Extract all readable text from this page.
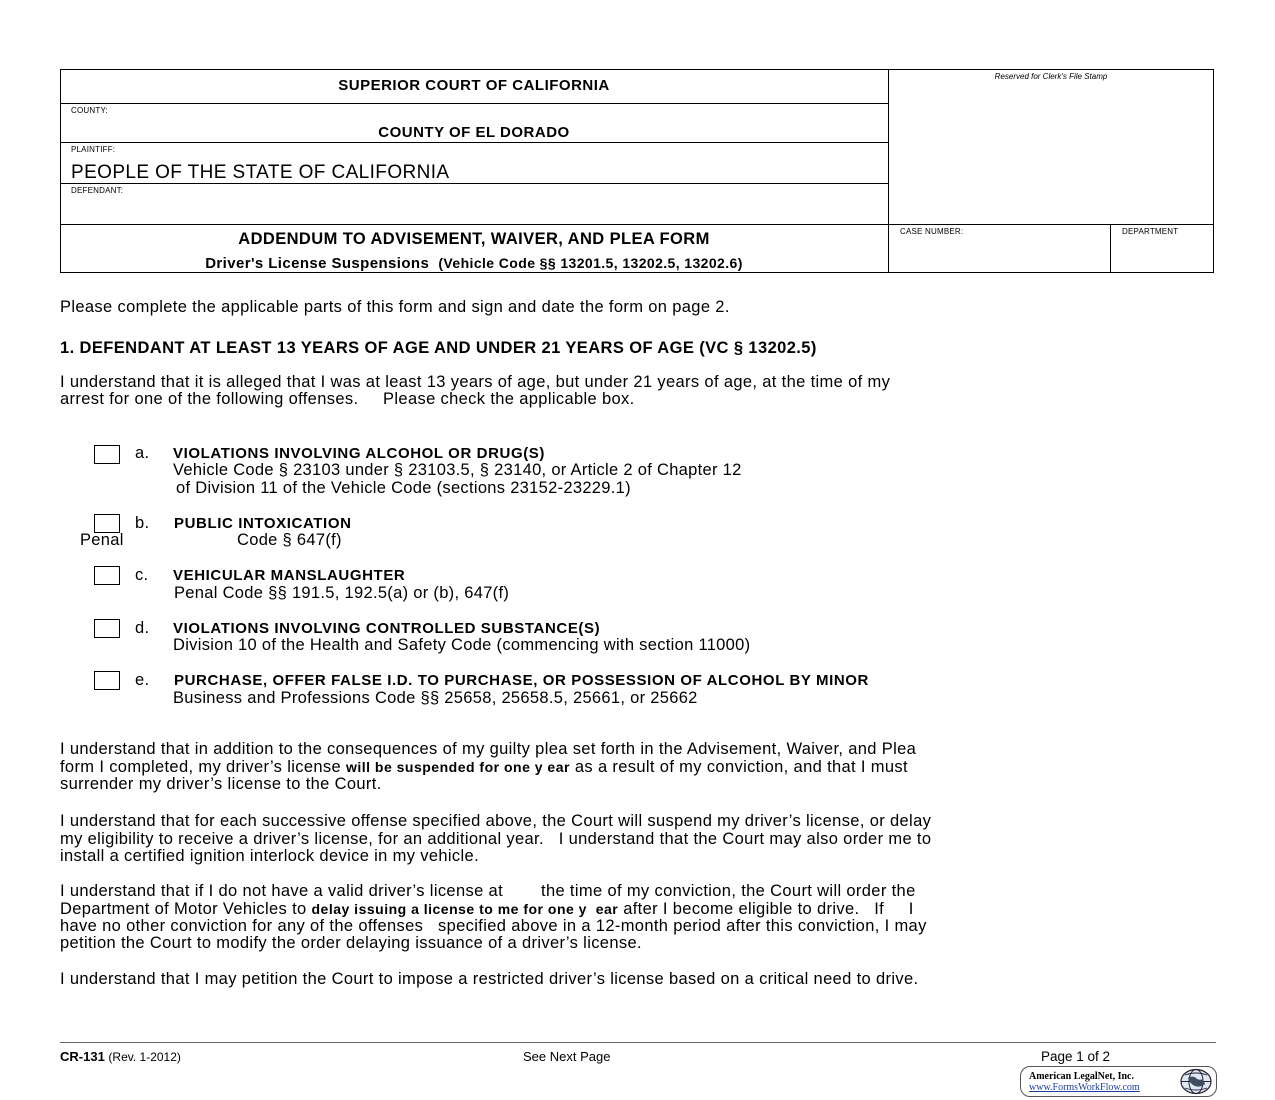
SUPERIOR COURT OF CALIFORNIA
COUNTY:
COUNTY OF EL DORADO
PLAINTIFF:
PEOPLE OF THE STATE OF CALIFORNIA
DEFENDANT:
Reserved for Clerk's File Stamp
ADDENDUM TO ADVISEMENT, WAIVER, AND PLEA FORM
Driver's License Suspensions (Vehicle Code §§ 13201.5, 13202.5, 13202.6)
CASE NUMBER:	DEPARTMENT
Please complete the applicable parts of this form and sign and date the form on page 2.
1. DEFENDANT AT LEAST 13 YEARS OF AGE AND UNDER 21 YEARS OF AGE (VC § 13202.5)
I understand that it is alleged that I was at least 13 years of age, but under 21 years of age, at the time of my
arrest for one of the following offenses.     Please check the applicable box.
a. VIOLATIONS INVOLVING ALCOHOL OR DRUG(S)
Vehicle Code § 23103 under § 23103.5, § 23140, or Article 2 of Chapter 12
of Division 11 of the Vehicle Code (sections 23152-23229.1)
b. PUBLIC INTOXICATION
Penal	Code § 647(f)
c. VEHICULAR MANSLAUGHTER
Penal Code §§ 191.5, 192.5(a) or (b), 647(f)
d. VIOLATIONS INVOLVING CONTROLLED SUBSTANCE(S)
Division 10 of the Health and Safety Code (commencing with section 11000)
e. PURCHASE, OFFER FALSE I.D. TO PURCHASE, OR POSSESSION OF ALCOHOL BY MINOR
Business and Professions Code §§ 25658, 25658.5, 25661, or 25662
I understand that in addition to the consequences of my guilty plea set forth in the Advisement, Waiver, and Plea
form I completed, my driver’s license will be suspended for one y ear as a result of my conviction, and that I must
surrender my driver’s license to the Court.
I understand that for each successive offense specified above, the Court will suspend my driver’s license, or delay
my eligibility to receive a driver’s license, for an additional year.   I understand that the Court may also order me to
install a certified ignition interlock device in my vehicle.
I understand that if I do not have a valid driver’s license at the time of my conviction, the Court will order the
Department of Motor Vehicles to delay issuing a license to me for one y  ear after I become eligible to drive.   If     I
have no other conviction for any of the offenses   specified above in a 12-month period after this conviction, I may
petition the Court to modify the order delaying issuance of a driver’s license.
I understand that I may petition the Court to impose a restricted driver’s license based on a critical need to drive.
CR-131 (Rev. 1-2012)	See Next Page	Page 1 of 2
American LegalNet, Inc.
www.FormsWorkFlow.com
